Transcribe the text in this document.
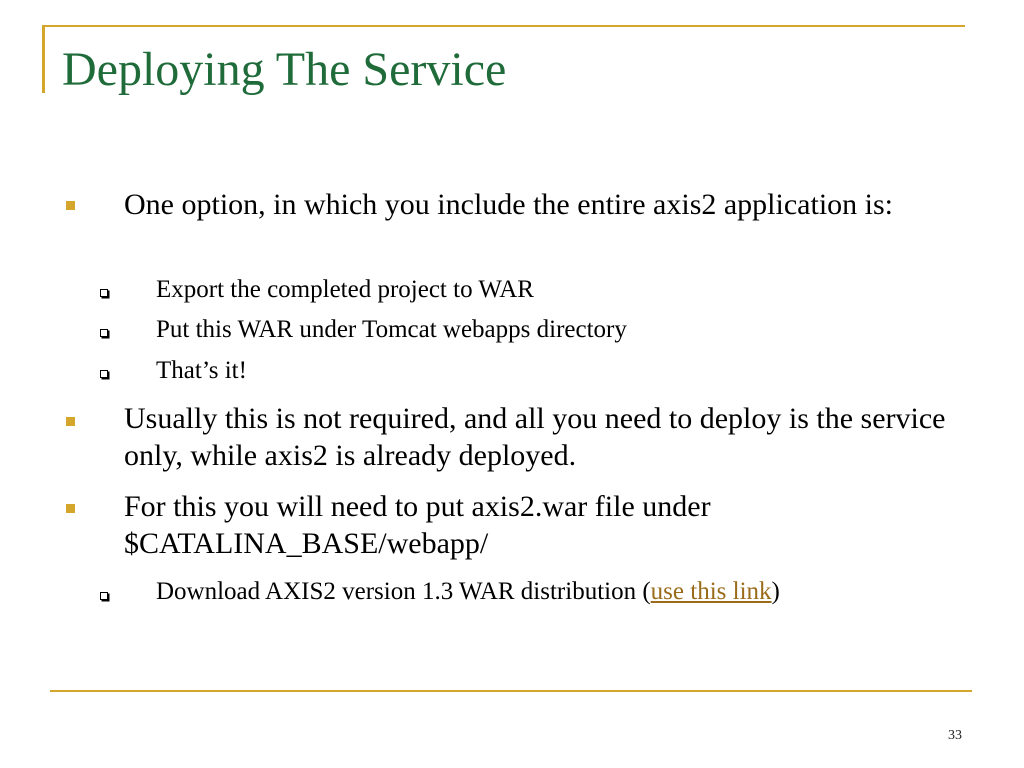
Deploying The Service
One option, in which you include the entire axis2 application is:
Export the completed project to WAR
Put this WAR under Tomcat webapps directory
That’s it!
Usually this is not required, and all you need to deploy is the service only, while axis2 is already deployed.
For this you will need to put axis2.war file under $CATALINA_BASE/webapp/
Download AXIS2 version 1.3 WAR distribution (use this link)
33
